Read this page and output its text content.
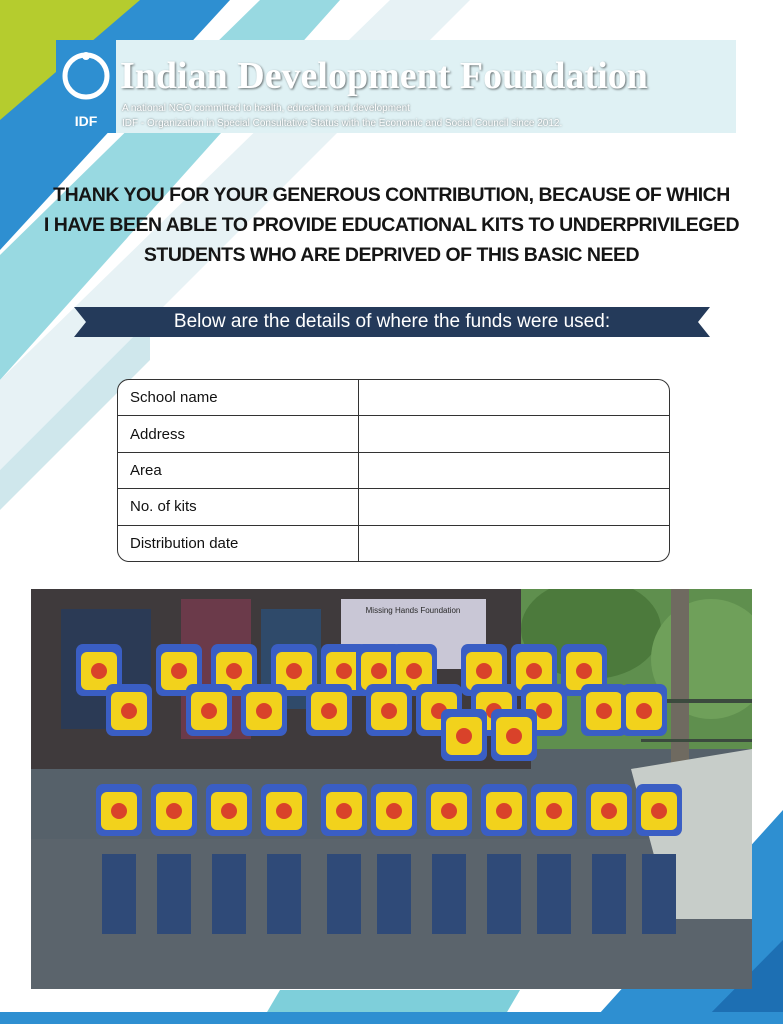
IDF
Indian Development Foundation
A national NGO committed to health, education and development
IDF - Organization in Special Consultative Status with the Economic and Social Council since 2012.
THANK YOU FOR YOUR GENEROUS CONTRIBUTION, BECAUSE OF WHICH
I HAVE BEEN ABLE TO PROVIDE EDUCATIONAL KITS TO UNDERPRIVILEGED
STUDENTS WHO ARE DEPRIVED OF THIS BASIC NEED
Below are the details of where the funds were used:
School name	
Address	
Area	
No. of kits	
Distribution date	
Missing Hands Foundation
